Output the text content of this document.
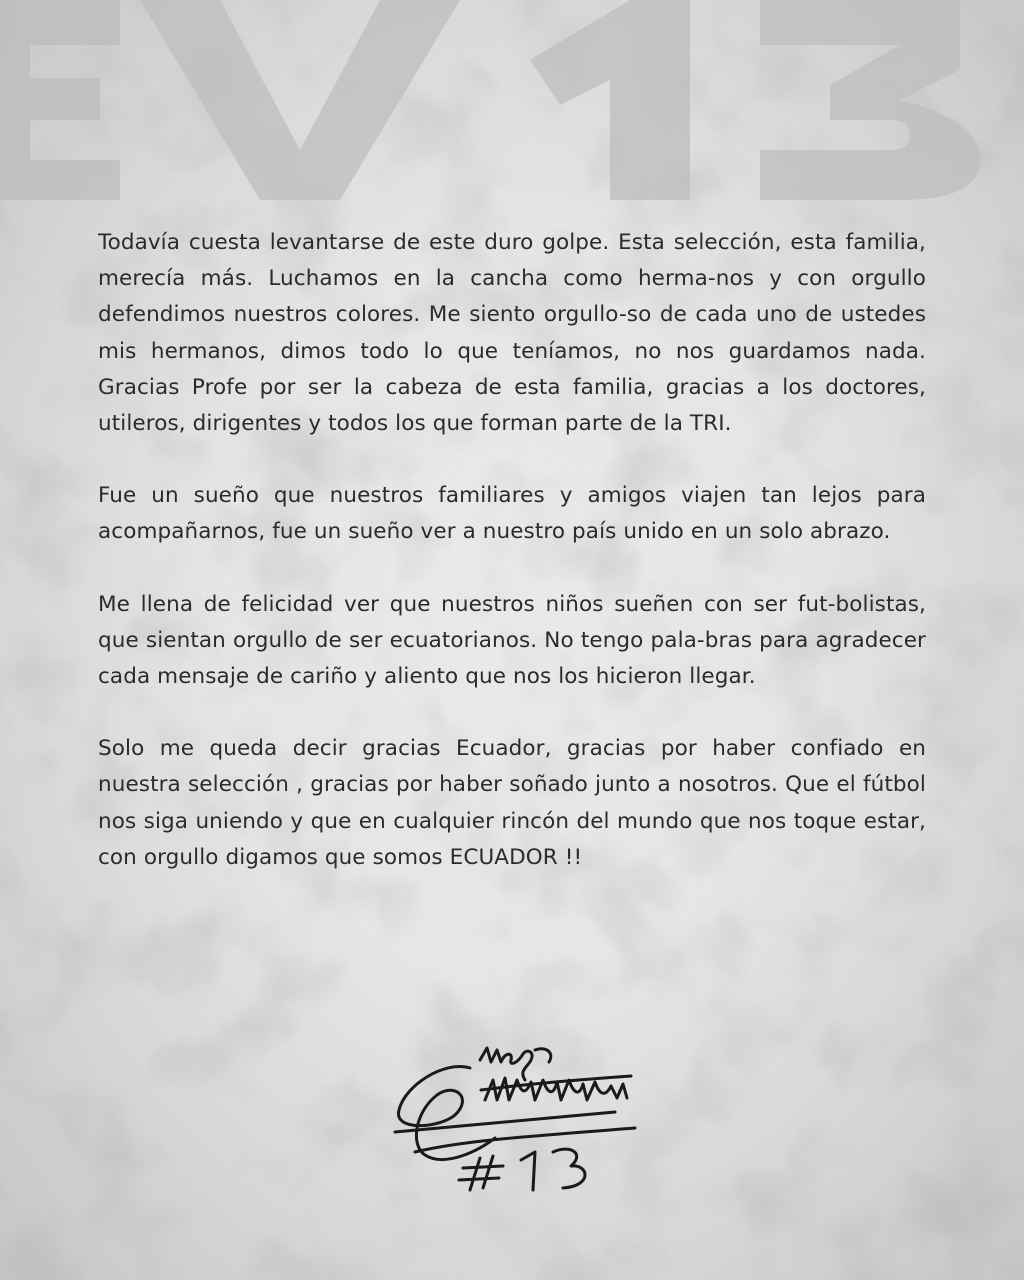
Todavía cuesta levantarse de este duro golpe. Esta selección, esta familia, merecía más. Luchamos en la cancha como herma-nos y con orgullo defendimos nuestros colores. Me siento orgullo-so de cada uno de ustedes mis hermanos, dimos todo lo que teníamos, no nos guardamos nada. Gracias Profe por ser la cabeza de esta familia, gracias a los doctores, utileros, dirigentes y todos los que forman parte de la TRI.

Fue un sueño que nuestros familiares y amigos viajen tan lejos para acompañarnos, fue un sueño ver a nuestro país unido en un solo abrazo.

Me llena de felicidad ver que nuestros niños sueñen con ser fut-bolistas, que sientan orgullo de ser ecuatorianos. No tengo pala-bras para agradecer cada mensaje de cariño y aliento que nos los hicieron llegar.

Solo me queda decir gracias Ecuador, gracias por haber confiado en nuestra selección , gracias por haber soñado junto a nosotros. Que el fútbol nos siga uniendo y que en cualquier rincón del mundo que nos toque estar, con orgullo digamos que somos ECUADOR !!
